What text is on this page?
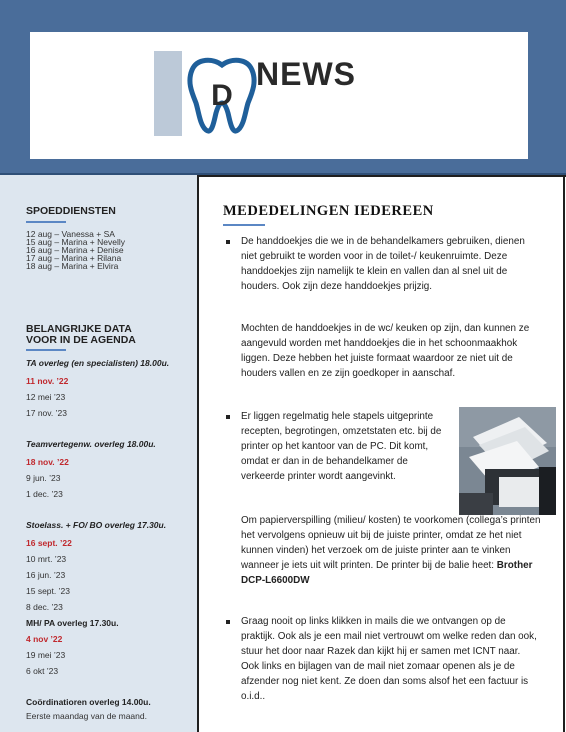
D
NEWS
SPOEDDIENSTEN
12 aug – Vanessa + SA
15 aug – Marina + Nevelly
16 aug – Marina + Denise
17 aug – Marina + Rilana
18 aug – Marina + Elvira
BELANGRIJKE DATA
VOOR IN DE AGENDA
TA overleg (en specialisten) 18.00u.
11 nov. ’22
12 mei ’23
17 nov. ’23
Teamvertegenw. overleg 18.00u.
18 nov. ’22
9 jun. ’23
1 dec. ’23
Stoelass. + FO/ BO overleg 17.30u.
16 sept. ’22
10 mrt. ’23
16 jun. ’23
15 sept. ’23
8 dec. ’23
MH/ PA overleg 17.30u.
4 nov ’22
19 mei ’23
6 okt ’23
Coördinatioren overleg 14.00u.
Eerste maandag van de maand.
MEDEDELINGEN IEDEREEN

De handdoekjes die we in de behandelkamers gebruiken, dienen niet gebruikt te worden voor in de toilet-/ keukenruimte. Deze handdoekjes zijn namelijk te klein en vallen dan al snel uit de houders. Ook zijn deze handdoekjes prijzig.

Mochten de handdoekjes in de wc/ keuken op zijn, dan kunnen ze aangevuld worden met handdoekjes die in het schoonmaakhok liggen. Deze hebben het juiste formaat waardoor ze niet uit de houders vallen en ze zijn goedkoper in aanschaf.

Er liggen regelmatig hele stapels uitgeprinte recepten, begrotingen, omzetstaten etc. bij de printer op het kantoor van de PC. Dit komt, omdat er dan in de behandelkamer de verkeerde printer wordt aangevinkt.

Om papierverspilling (milieu/ kosten) te voorkomen (collega’s printen het vervolgens opnieuw uit bij de juiste printer, omdat ze het niet kunnen vinden) het verzoek om de juiste printer aan te vinken wanneer je iets uit wilt printen. De printer bij de balie heet: Brother DCP-L6600DW

Graag nooit op links klikken in mails die we ontvangen op de praktijk. Ook als je een mail niet vertrouwt om welke reden dan ook, stuur het door naar Razek dan kijkt hij er samen met ICNT naar. Ook links en bijlagen van de mail niet zomaar openen als je de afzender nog niet kent. Ze doen dan soms alsof het een factuur is o.i.d..
